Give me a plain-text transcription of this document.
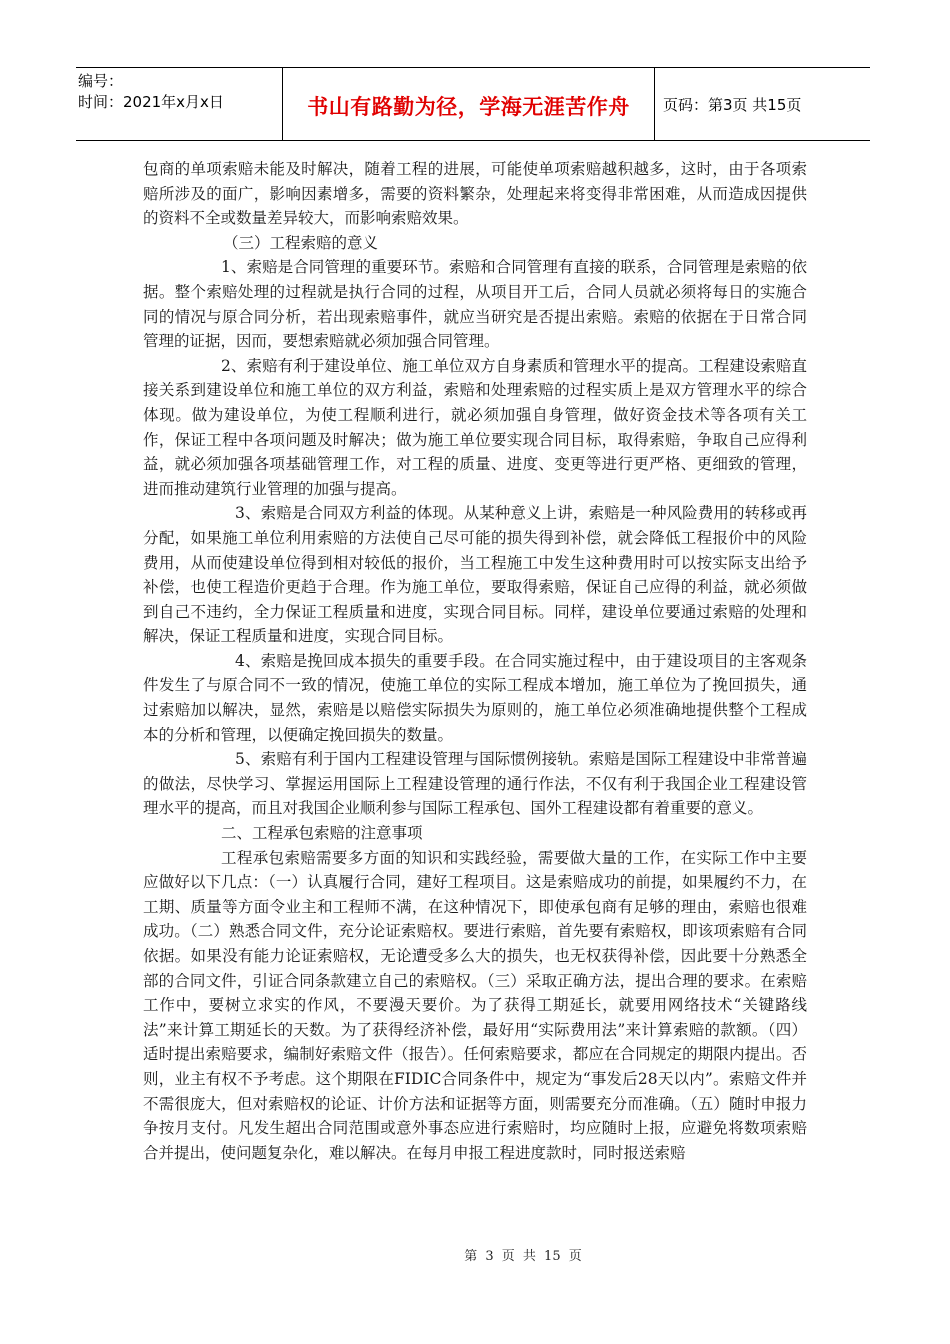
编号：
时间：2021年x月x日	书山有路勤为径，学海无涯苦作舟	页码：第3页 共15页

包商的单项索赔未能及时解决，随着工程的进展，可能使单项索赔越积越多，这时，由于各项索赔所涉及的面广，影响因素增多，需要的资料繁杂，处理起来将变得非常困难，从而造成因提供的资料不全或数量差异较大，而影响索赔效果。

（三）工程索赔的意义

1、索赔是合同管理的重要环节。索赔和合同管理有直接的联系，合同管理是索赔的依据。整个索赔处理的过程就是执行合同的过程，从项目开工后，合同人员就必须将每日的实施合同的情况与原合同分析，若出现索赔事件，就应当研究是否提出索赔。索赔的依据在于日常合同管理的证据，因而，要想索赔就必须加强合同管理。

2、索赔有利于建设单位、施工单位双方自身素质和管理水平的提高。工程建设索赔直接关系到建设单位和施工单位的双方利益，索赔和处理索赔的过程实质上是双方管理水平的综合体现。做为建设单位，为使工程顺利进行，就必须加强自身管理，做好资金技术等各项有关工作，保证工程中各项问题及时解决；做为施工单位要实现合同目标，取得索赔，争取自己应得利益，就必须加强各项基础管理工作，对工程的质量、进度、变更等进行更严格、更细致的管理，进而推动建筑行业管理的加强与提高。

3、索赔是合同双方利益的体现。从某种意义上讲，索赔是一种风险费用的转移或再分配，如果施工单位利用索赔的方法使自己尽可能的损失得到补偿，就会降低工程报价中的风险费用，从而使建设单位得到相对较低的报价，当工程施工中发生这种费用时可以按实际支出给予补偿，也使工程造价更趋于合理。作为施工单位，要取得索赔，保证自己应得的利益，就必须做到自己不违约，全力保证工程质量和进度，实现合同目标。同样，建设单位要通过索赔的处理和解决，保证工程质量和进度，实现合同目标。

4、索赔是挽回成本损失的重要手段。在合同实施过程中，由于建设项目的主客观条件发生了与原合同不一致的情况，使施工单位的实际工程成本增加，施工单位为了挽回损失，通过索赔加以解决，显然，索赔是以赔偿实际损失为原则的，施工单位必须准确地提供整个工程成本的分析和管理，以便确定挽回损失的数量。

5、索赔有利于国内工程建设管理与国际惯例接轨。索赔是国际工程建设中非常普遍的做法，尽快学习、掌握运用国际上工程建设管理的通行作法，不仅有利于我国企业工程建设管理水平的提高，而且对我国企业顺利参与国际工程承包、国外工程建设都有着重要的意义。

二、工程承包索赔的注意事项

工程承包索赔需要多方面的知识和实践经验，需要做大量的工作，在实际工作中主要应做好以下几点：（一）认真履行合同，建好工程项目。这是索赔成功的前提，如果履约不力，在工期、质量等方面令业主和工程师不满，在这种情况下，即使承包商有足够的理由，索赔也很难成功。（二）熟悉合同文件，充分论证索赔权。要进行索赔，首先要有索赔权，即该项索赔有合同依据。如果没有能力论证索赔权，无论遭受多么大的损失，也无权获得补偿，因此要十分熟悉全部的合同文件，引证合同条款建立自己的索赔权。（三）采取正确方法，提出合理的要求。在索赔工作中，要树立求实的作风，不要漫天要价。为了获得工期延长，就要用网络技术“关键路线法”来计算工期延长的天数。为了获得经济补偿，最好用“实际费用法”来计算索赔的款额。（四）适时提出索赔要求，编制好索赔文件（报告）。任何索赔要求，都应在合同规定的期限内提出。否则，业主有权不予考虑。这个期限在FIDIC合同条件中，规定为“事发后28天以内”。索赔文件并不需很庞大，但对索赔权的论证、计价方法和证据等方面，则需要充分而准确。（五）随时申报力争按月支付。凡发生超出合同范围或意外事态应进行索赔时，均应随时上报，应避免将数项索赔合并提出，使问题复杂化，难以解决。在每月申报工程进度款时，同时报送索赔

第 3 页 共 15 页
